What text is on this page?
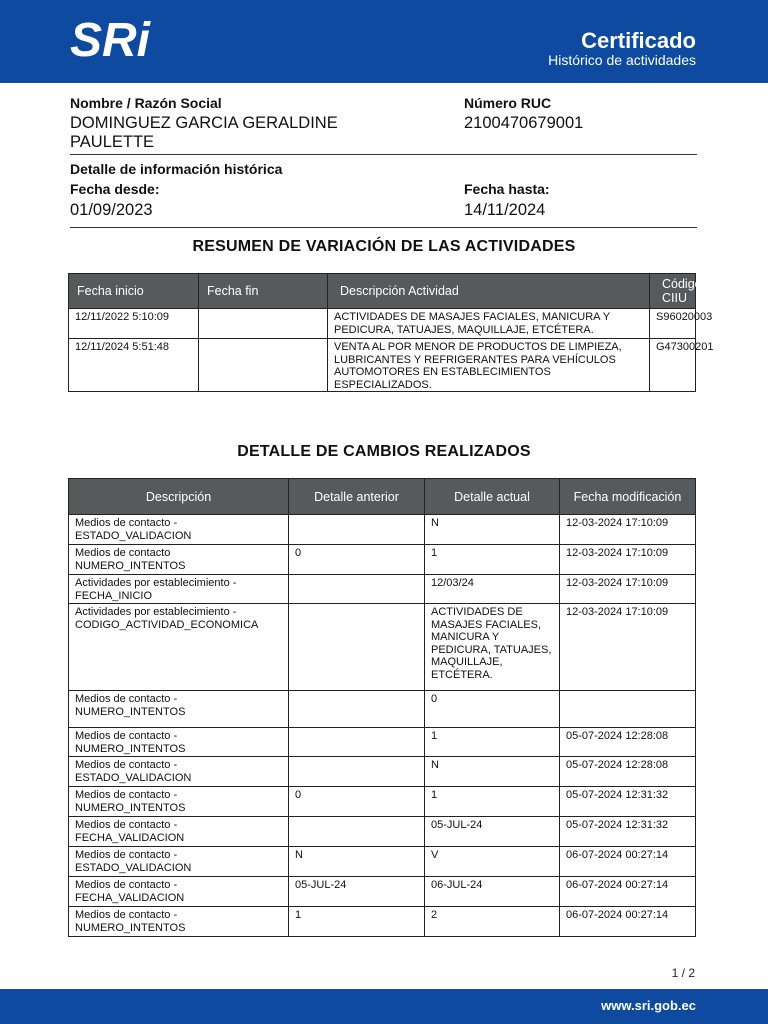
SRi	Certificado
Histórico de actividades
Nombre / Razón Social
DOMINGUEZ GARCIA GERALDINE
PAULETTE
Número RUC
2100470679001
Detalle de información histórica
Fecha desde:
01/09/2023
Fecha hasta:
14/11/2024
RESUMEN DE VARIACIÓN DE LAS ACTIVIDADES
Fecha inicio	Fecha fin	Descripción Actividad	Código CIIU
12/11/2022 5:10:09		ACTIVIDADES DE MASAJES FACIALES, MANICURA Y PEDICURA, TATUAJES, MAQUILLAJE, ETCÉTERA.	S96020003
12/11/2024 5:51:48		VENTA AL POR MENOR DE PRODUCTOS DE LIMPIEZA, LUBRICANTES Y REFRIGERANTES PARA VEHÍCULOS AUTOMOTORES EN ESTABLECIMIENTOS ESPECIALIZADOS.	G47300201
DETALLE DE CAMBIOS REALIZADOS
Descripción	Detalle anterior	Detalle actual	Fecha modificación
Medios de contacto - ESTADO_VALIDACION		N	12-03-2024 17:10:09
Medios de contacto NUMERO_INTENTOS	0	1	12-03-2024 17:10:09
Actividades por establecimiento - FECHA_INICIO		12/03/24	12-03-2024 17:10:09
Actividades por establecimiento - CODIGO_ACTIVIDAD_ECONOMICA		ACTIVIDADES DE MASAJES FACIALES, MANICURA Y PEDICURA, TATUAJES, MAQUILLAJE, ETCÉTERA.	12-03-2024 17:10:09
Medios de contacto - NUMERO_INTENTOS		0	
Medios de contacto - NUMERO_INTENTOS		1	05-07-2024 12:28:08
Medios de contacto - ESTADO_VALIDACION		N	05-07-2024 12:28:08
Medios de contacto - NUMERO_INTENTOS	0	1	05-07-2024 12:31:32
Medios de contacto - FECHA_VALIDACION		05-JUL-24	05-07-2024 12:31:32
Medios de contacto - ESTADO_VALIDACION	N	V	06-07-2024 00:27:14
Medios de contacto - FECHA_VALIDACION	05-JUL-24	06-JUL-24	06-07-2024 00:27:14
Medios de contacto - NUMERO_INTENTOS	1	2	06-07-2024 00:27:14
1 / 2
www.sri.gob.ec
